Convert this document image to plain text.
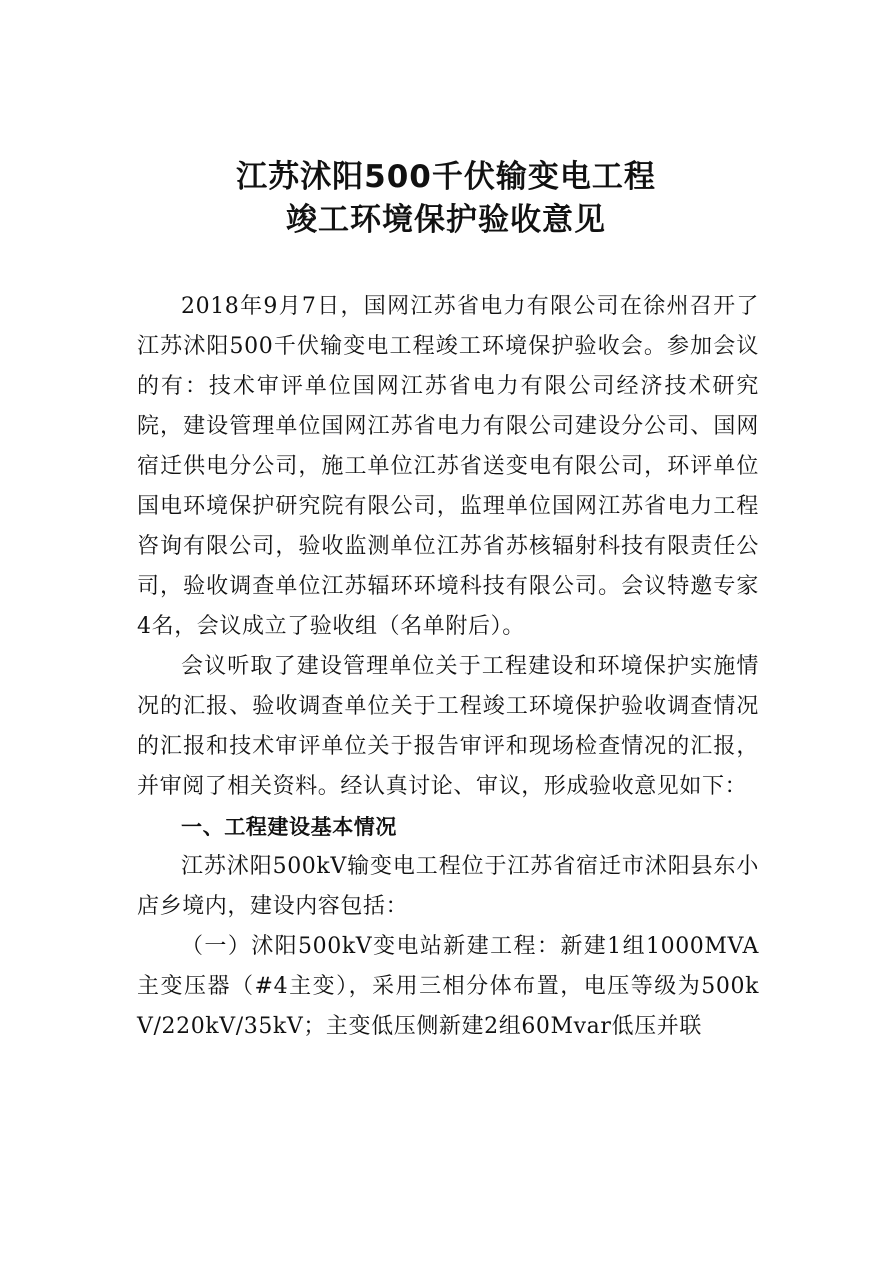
江苏沭阳500千伏输变电工程
竣工环境保护验收意见

2018年9月7日，国网江苏省电力有限公司在徐州召开了江苏沭阳500千伏输变电工程竣工环境保护验收会。参加会议的有：技术审评单位国网江苏省电力有限公司经济技术研究院，建设管理单位国网江苏省电力有限公司建设分公司、国网宿迁供电分公司，施工单位江苏省送变电有限公司，环评单位国电环境保护研究院有限公司，监理单位国网江苏省电力工程咨询有限公司，验收监测单位江苏省苏核辐射科技有限责任公司，验收调查单位江苏辐环环境科技有限公司。会议特邀专家4名，会议成立了验收组（名单附后）。

会议听取了建设管理单位关于工程建设和环境保护实施情况的汇报、验收调查单位关于工程竣工环境保护验收调查情况的汇报和技术审评单位关于报告审评和现场检查情况的汇报，并审阅了相关资料。经认真讨论、审议，形成验收意见如下：

一、工程建设基本情况

江苏沭阳500kV输变电工程位于江苏省宿迁市沭阳县东小店乡境内，建设内容包括：

（一）沭阳500kV变电站新建工程：新建1组1000MVA主变压器（#4主变），采用三相分体布置，电压等级为500kV/220kV/35kV；主变低压侧新建2组60Mvar低压并联
